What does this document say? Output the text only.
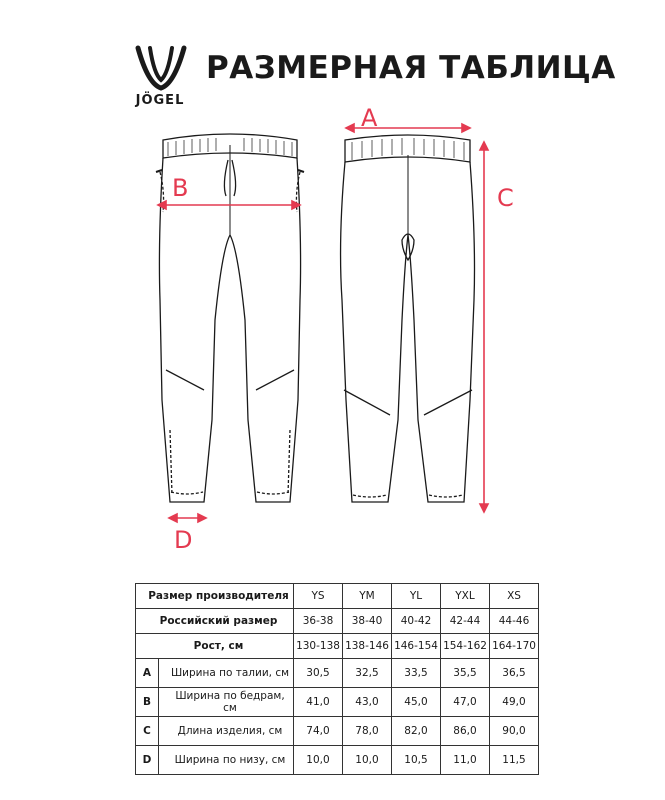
JÖGEL
РАЗМЕРНАЯ ТАБЛИЦА
A
B	C
D
Размер производителя		YS	YM	YL	YXL	XS
Российский размер		36-38	38-40	40-42	42-44	44-46
Рост, см		130-138	138-146	146-154	154-162	164-170
A	Ширина по талии, см	30,5	32,5	33,5	35,5	36,5
B	Ширина по бедрам, см	41,0	43,0	45,0	47,0	49,0
C	Длина изделия, см	74,0	78,0	82,0	86,0	90,0
D	Ширина по низу, см	10,0	10,0	10,5	11,0	11,5
